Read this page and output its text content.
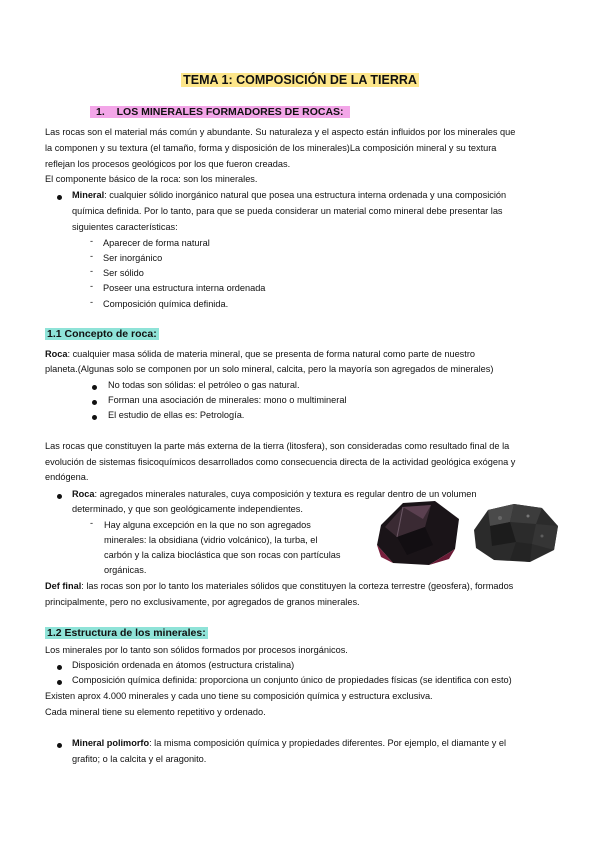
TEMA 1: COMPOSICIÓN DE LA TIERRA
1. LOS MINERALES FORMADORES DE ROCAS:

Las rocas son el material más común y abundante. Su naturaleza y el aspecto están influidos por los minerales que

la componen y su textura (el tamaño, forma y disposición de los minerales)La composición mineral y su textura

reflejan los procesos geológicos por los que fueron creadas.

El componente básico de la roca: son los minerales.

Mineral: cualquier sólido inorgánico natural que posea una estructura interna ordenada y una composición

química definida. Por lo tanto, para que se pueda considerar un material como mineral debe presentar las

siguientes características:

- Aparecer de forma natural

- Ser inorgánico

- Ser sólido

- Poseer una estructura interna ordenada

- Composición química definida.

1.1 Concepto de roca:

Roca: cualquier masa sólida de materia mineral, que se presenta de forma natural como parte de nuestro

planeta.(Algunas solo se componen por un solo mineral, calcita, pero la mayoría son agregados de minerales)

No todas son sólidas: el petróleo o gas natural.

Forman una asociación de minerales: mono o multimineral

El estudio de ellas es: Petrología.

Las rocas que constituyen la parte más externa de la tierra (litosfera), son consideradas como resultado final de la

evolución de sistemas fisicoquímicos desarrollados como consecuencia directa de la actividad geológica exógena y

endógena.

Roca: agregados minerales naturales, cuya composición y textura es regular dentro de un volumen

determinado, y que son geológicamente independientes.

- Hay alguna excepción en la que no son agregados

minerales: la obsidiana (vidrio volcánico), la turba, el

carbón y la caliza bioclástica que son rocas con partículas

orgánicas.

Def final: las rocas son por lo tanto los materiales sólidos que constituyen la corteza terrestre (geosfera), formados

principalmente, pero no exclusivamente, por agregados de granos minerales.

1.2 Estructura de los minerales:

Los minerales por lo tanto son sólidos formados por procesos inorgánicos.

Disposición ordenada en átomos (estructura cristalina)

Composición química definida: proporciona un conjunto único de propiedades físicas (se identifica con esto)

Existen aprox 4.000 minerales y cada uno tiene su composición química y estructura exclusiva.

Cada mineral tiene su elemento repetitivo y ordenado.

Mineral polimorfo: la misma composición química y propiedades diferentes. Por ejemplo, el diamante y el

grafito; o la calcita y el aragonito.
